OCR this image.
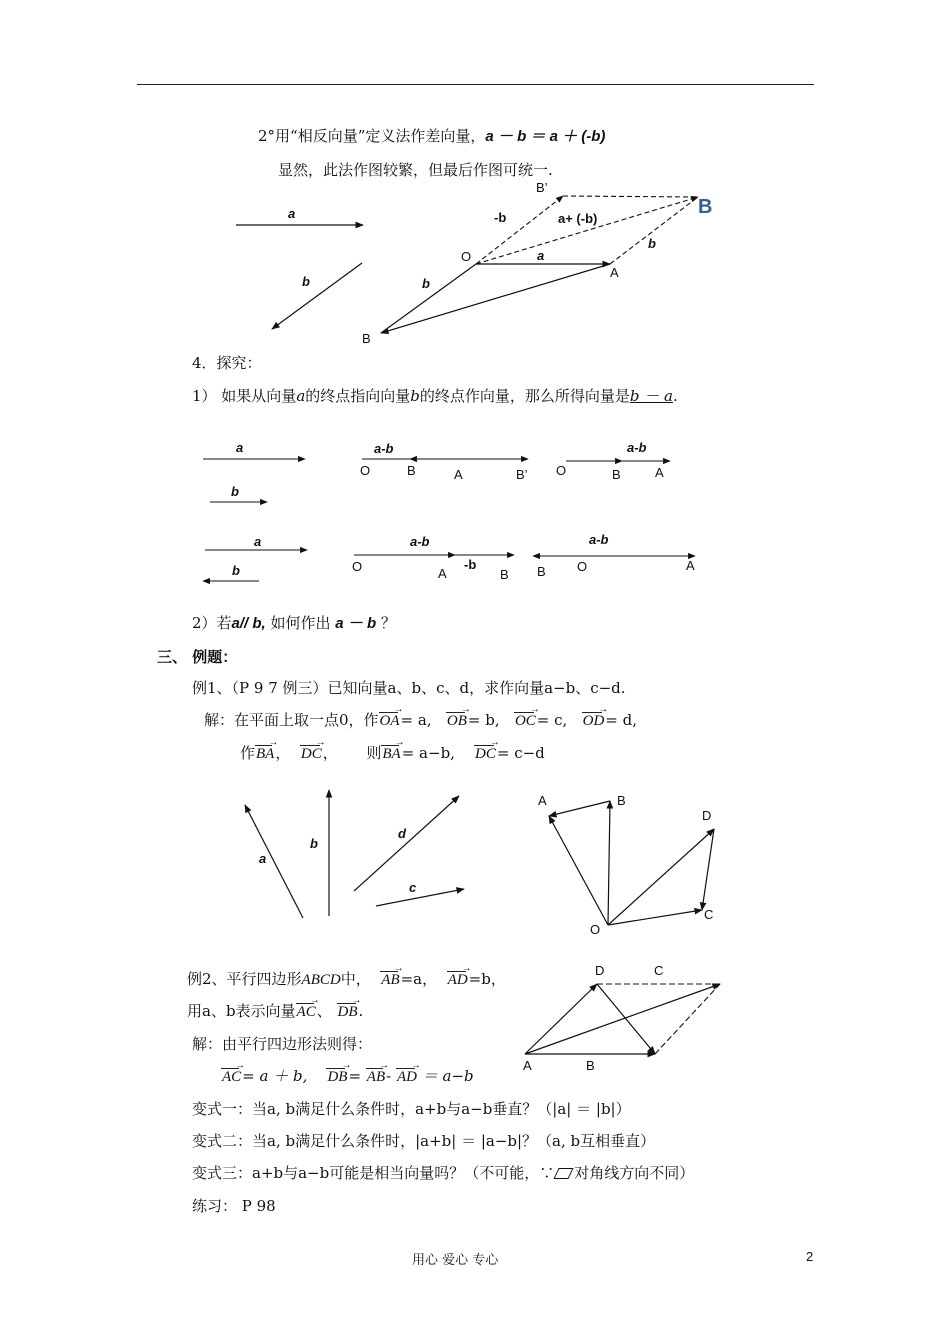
2°用“相反向量”定义法作差向量，a － b ＝ a ＋ (-b)
显然，此法作图较繁，但最后作图可统一.
a
b	b
b
-b	a+ (-b)
a
O
A
B
B’
B
4．探究：
1） 如果从向量a的终点指向向量b的终点作向量，那么所得向量是b － a.
a
b
a-b
O	B	A	B’
a-b
O	B	A
a
b
a-b
-b
O	A	B
a-b
B O	A
2）若a// b, 如何作出 a － b ？
三、 例题：
例1、（P 9 7 例三）已知向量a、b、c、d，求作向量a−b、c−d.
解：在平面上取一点0，作OA →= a, OB →= b, OC →= c, OD →= d,
作BA →， DC →， 则BA →= a−b, DC →= c−d
a
b
d
c
A	B
D
C
O
例2、平行四边形ABCD中， AB →=a， AD →=b，
用a、b表示向量AC →、 DB →.
解：由平行四边形法则得：
AC →= a ＋ b, DB →= AB →- AD → ＝ a−b
D	C
A	B
变式一：当a, b满足什么条件时，a+b与a−b垂直？（|a| ＝ |b|）
变式二：当a, b满足什么条件时，|a+b| ＝ |a−b|？（a, b互相垂直）
变式三：a+b与a−b可能是相当向量吗？（不可能，∵ 对角线方向不同）
练习： P 98
用心 爱心 专心	2
